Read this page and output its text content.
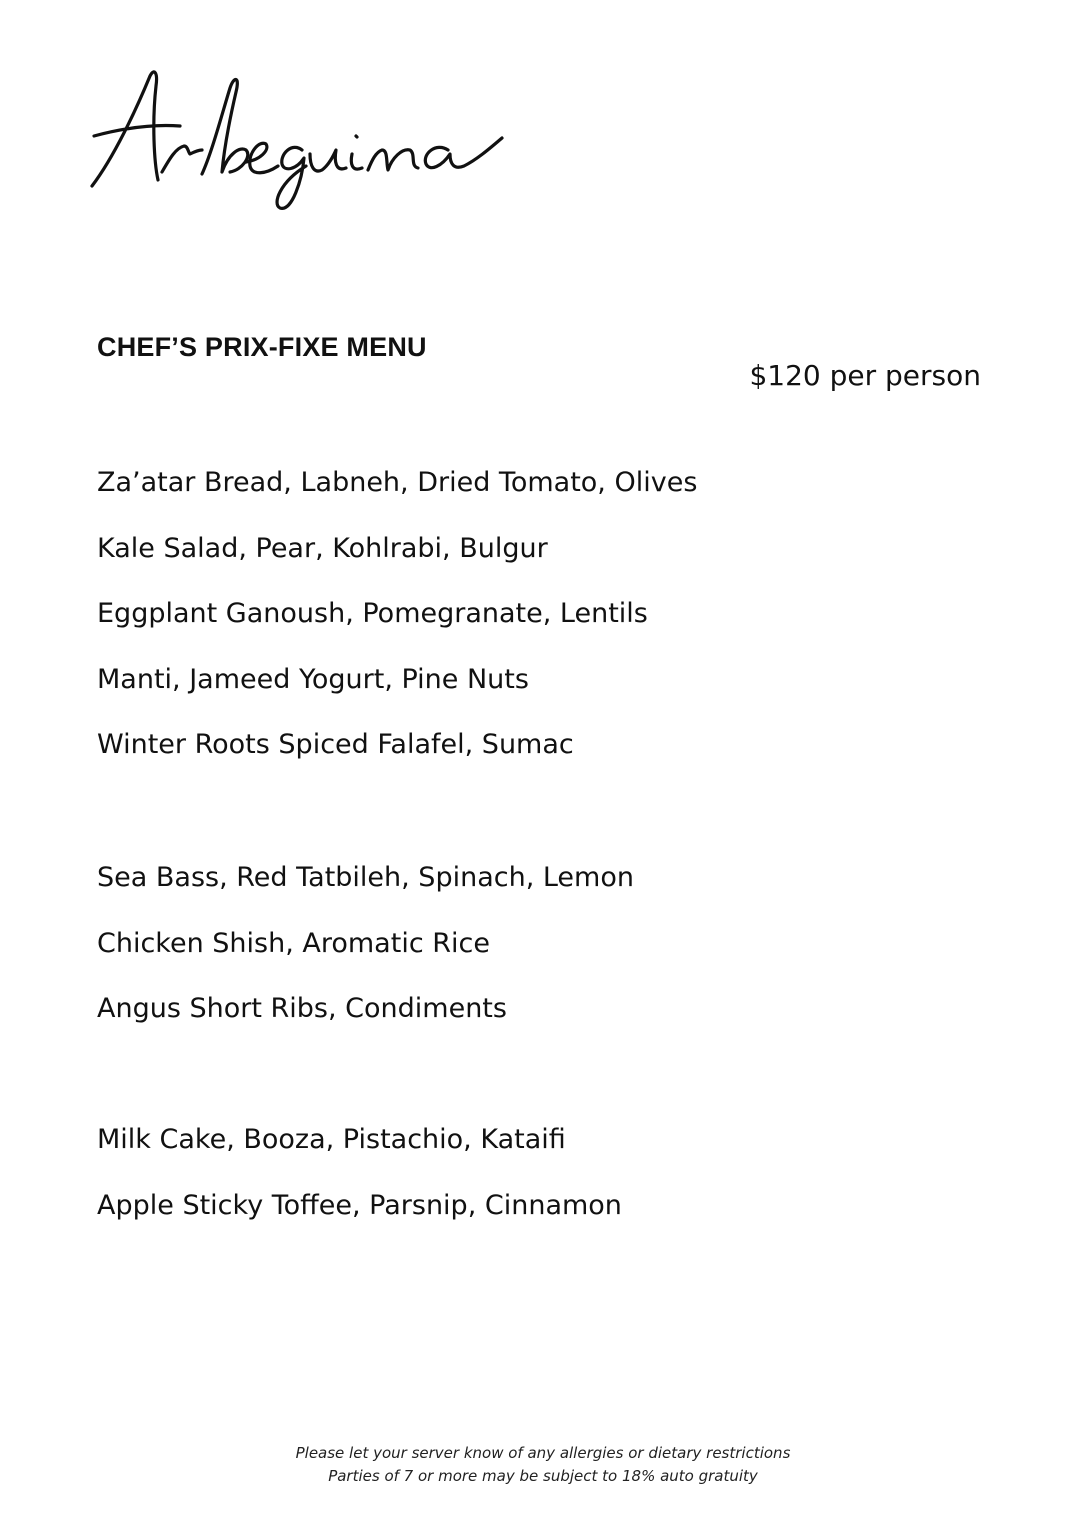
CHEF’S PRIX-FIXE MENU
$120 per person
Za’atar Bread, Labneh, Dried Tomato, Olives
Kale Salad, Pear, Kohlrabi, Bulgur
Eggplant Ganoush, Pomegranate, Lentils
Manti, Jameed Yogurt, Pine Nuts
Winter Roots Spiced Falafel, Sumac
Sea Bass, Red Tatbileh, Spinach, Lemon
Chicken Shish, Aromatic Rice
Angus Short Ribs, Condiments
Milk Cake, Booza, Pistachio, Kataifi
Apple Sticky Toffee, Parsnip, Cinnamon
Please let your server know of any allergies or dietary restrictions
Parties of 7 or more may be subject to 18% auto gratuity
